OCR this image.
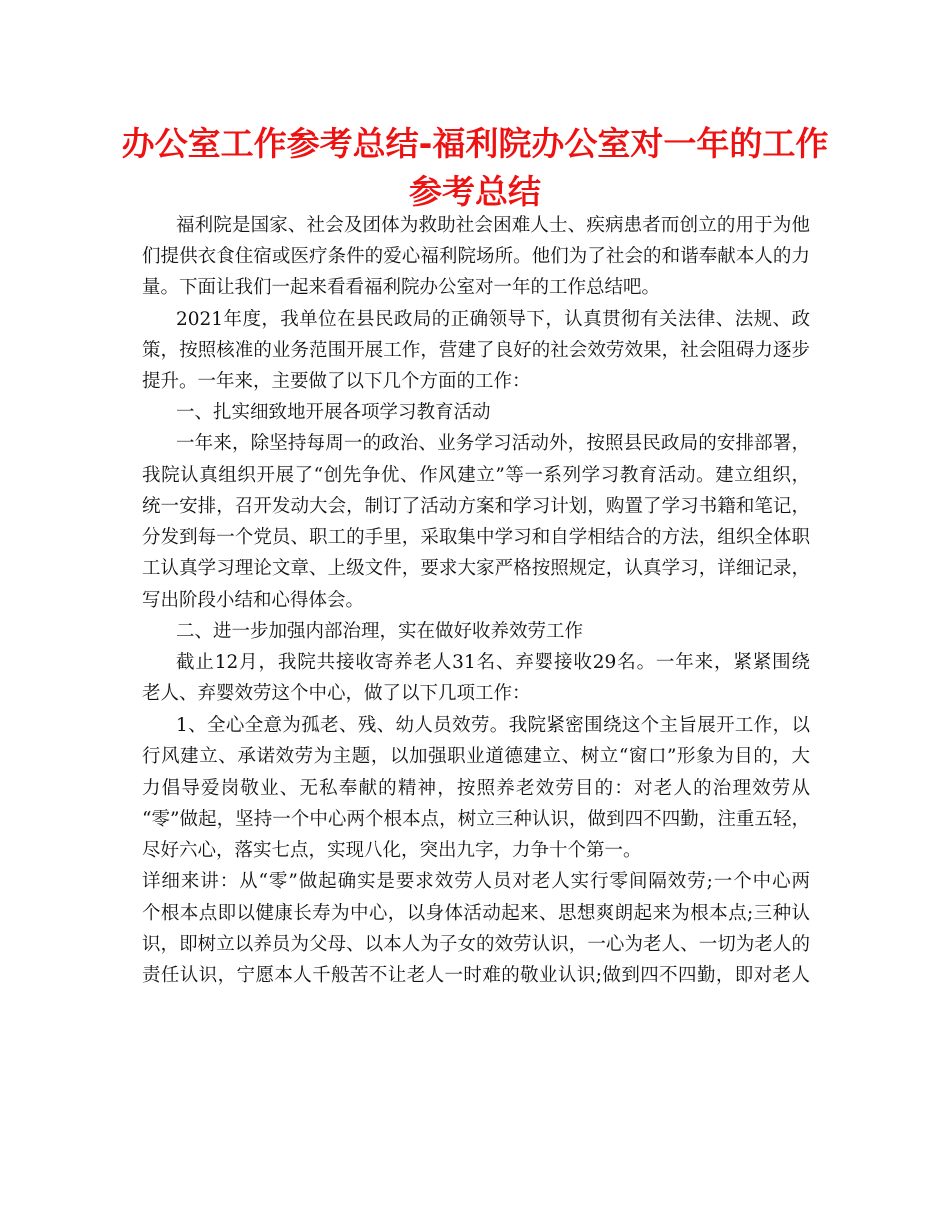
办公室工作参考总结-福利院办公室对一年的工作
参考总结
福利院是国家、社会及团体为救助社会困难人士、疾病患者而创立的用于为他
们提供衣食住宿或医疗条件的爱心福利院场所。他们为了社会的和谐奉献本人的力
量。下面让我们一起来看看福利院办公室对一年的工作总结吧。
2021年度，我单位在县民政局的正确领导下，认真贯彻有关法律、法规、政
策，按照核准的业务范围开展工作，营建了良好的社会效劳效果，社会阻碍力逐步
提升。一年来，主要做了以下几个方面的工作：
一、扎实细致地开展各项学习教育活动
一年来，除坚持每周一的政治、业务学习活动外，按照县民政局的安排部署，
我院认真组织开展了“创先争优、作风建立”等一系列学习教育活动。建立组织，
统一安排，召开发动大会，制订了活动方案和学习计划，购置了学习书籍和笔记，
分发到每一个党员、职工的手里，采取集中学习和自学相结合的方法，组织全体职
工认真学习理论文章、上级文件，要求大家严格按照规定，认真学习，详细记录，
写出阶段小结和心得体会。
二、进一步加强内部治理，实在做好收养效劳工作
截止12月，我院共接收寄养老人31名、弃婴接收29名。一年来，紧紧围绕
老人、弃婴效劳这个中心，做了以下几项工作：
1、全心全意为孤老、残、幼人员效劳。我院紧密围绕这个主旨展开工作，以
行风建立、承诺效劳为主题，以加强职业道德建立、树立“窗口”形象为目的，大
力倡导爱岗敬业、无私奉献的精神，按照养老效劳目的：对老人的治理效劳从
“零”做起，坚持一个中心两个根本点，树立三种认识，做到四不四勤，注重五轻，
尽好六心，落实七点，实现八化，突出九字，力争十个第一。
详细来讲：从“零”做起确实是要求效劳人员对老人实行零间隔效劳;一个中心两
个根本点即以健康长寿为中心，以身体活动起来、思想爽朗起来为根本点;三种认
识，即树立以养员为父母、以本人为子女的效劳认识，一心为老人、一切为老人的
责任认识，宁愿本人千般苦不让老人一时难的敬业认识;做到四不四勤，即对老人
